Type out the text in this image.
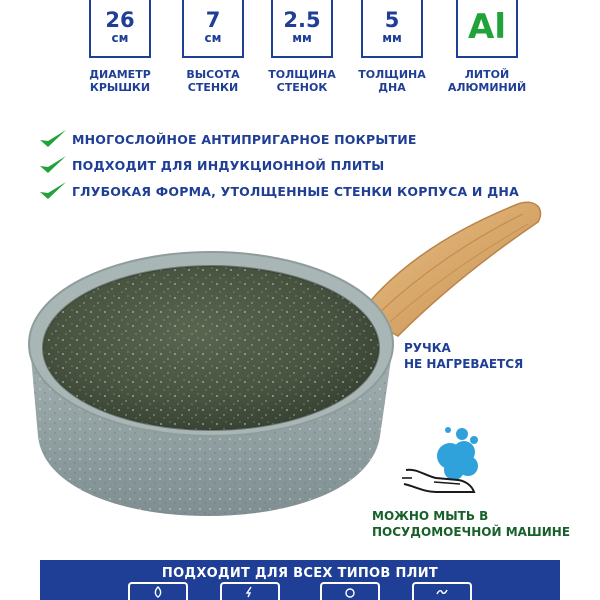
26
см
ДИАМЕТР
КРЫШКИ
7
см
ВЫСОТА
СТЕНКИ
2.5
мм
ТОЛЩИНА
СТЕНОК
5
мм
ТОЛЩИНА
ДНА
Al
ЛИТОЙ
АЛЮМИНИЙ
МНОГОСЛОЙНОЕ АНТИПРИГАРНОЕ ПОКРЫТИЕ
ПОДХОДИТ ДЛЯ ИНДУКЦИОННОЙ ПЛИТЫ
ГЛУБОКАЯ ФОРМА, УТОЛЩЕННЫЕ СТЕНКИ КОРПУСА И ДНА
РУЧКА
НЕ НАГРЕВАЕТСЯ
МОЖНО МЫТЬ В
ПОСУДОМОЕЧНОЙ МАШИНЕ
ПОДХОДИТ ДЛЯ ВСЕХ ТИПОВ ПЛИТ
